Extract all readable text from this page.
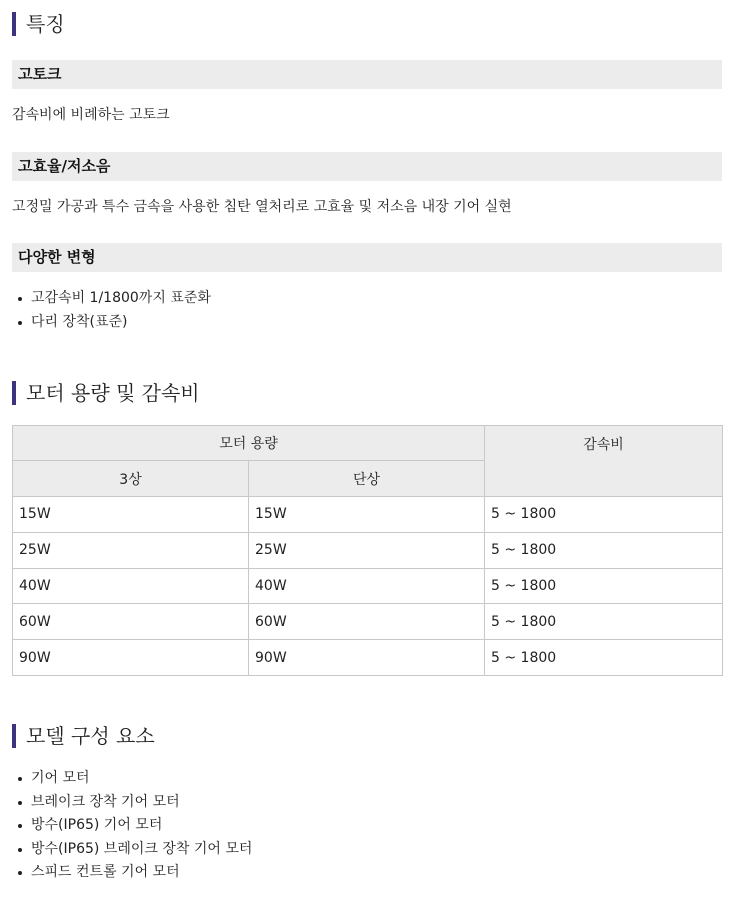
특징
고토크
감속비에 비례하는 고토크
고효율/저소음
고정밀 가공과 특수 금속을 사용한 침탄 열처리로 고효율 및 저소음 내장 기어 실현
다양한 변형
고감속비 1/1800까지 표준화
다리 장착(표준)
모터 용량 및 감속비
모터 용량		감속비
3상	단상	
15W	15W	5 ~ 1800
25W	25W	5 ~ 1800
40W	40W	5 ~ 1800
60W	60W	5 ~ 1800
90W	90W	5 ~ 1800
모델 구성 요소
기어 모터
브레이크 장착 기어 모터
방수(IP65) 기어 모터
방수(IP65) 브레이크 장착 기어 모터
스피드 컨트롤 기어 모터
